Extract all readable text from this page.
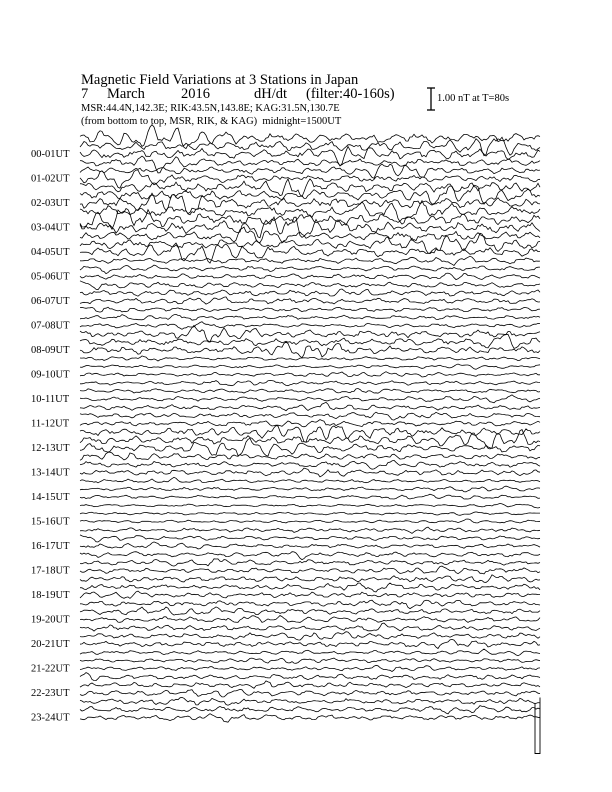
Magnetic Field Variations at 3 Stations in Japan

7

March

2016

	dH/dt

(filter:40-160s)

MSR:44.4N,142.3E; RIK:43.5N,143.8E; KAG:31.5N,130.7E
(from bottom to top, MSR, RIK, & KAG)  midnight=1500UT
1.00 nT at T=80s
00-01UT
01-02UT
02-03UT
03-04UT
04-05UT
05-06UT
06-07UT
07-08UT
08-09UT
09-10UT
10-11UT
11-12UT
12-13UT
13-14UT
14-15UT
15-16UT
16-17UT
17-18UT
18-19UT
19-20UT
20-21UT
21-22UT
22-23UT
23-24UT
